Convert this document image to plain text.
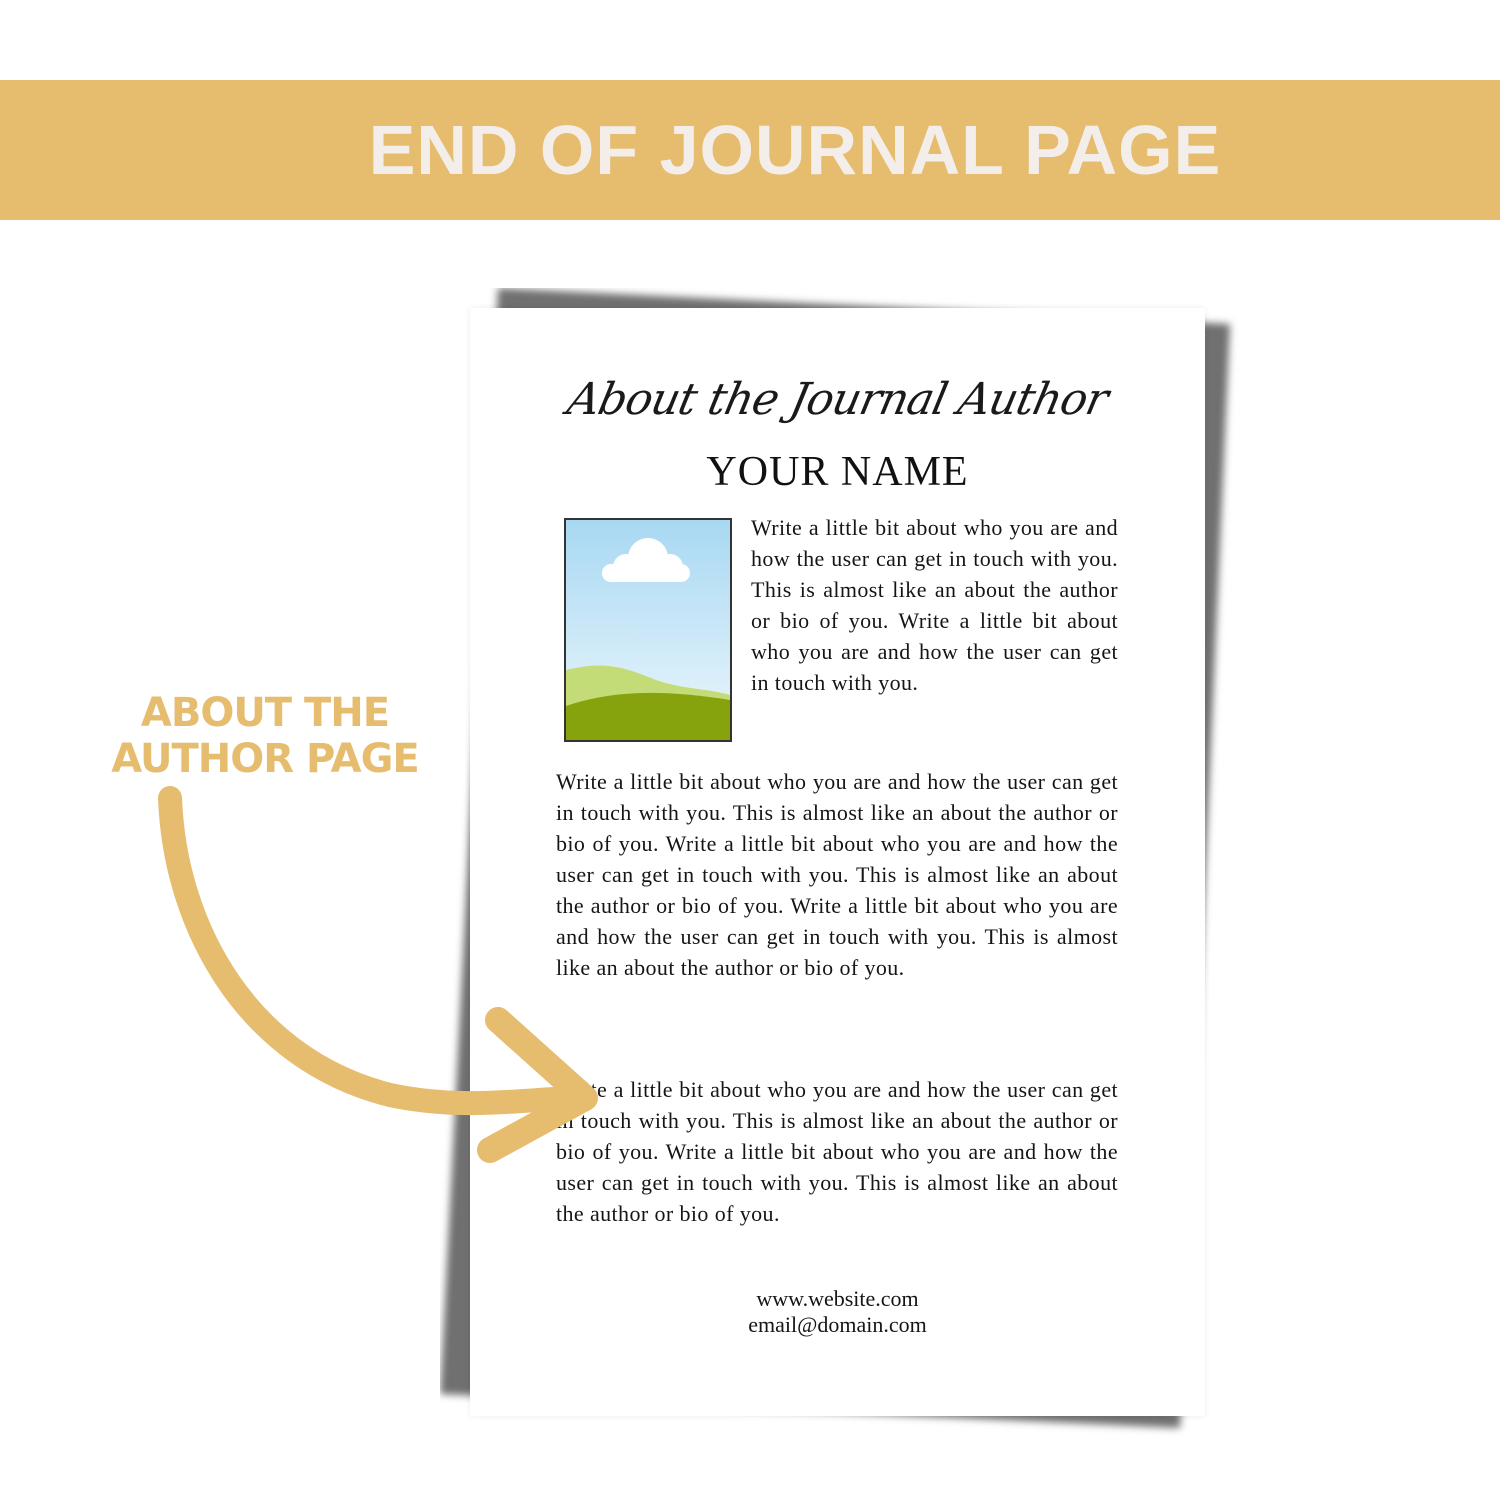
END OF JOURNAL PAGE
About the Journal Author
YOUR NAME
Write a little bit about who you are and how the user can get in touch with you. This is almost like an about the author or bio of you. Write a little bit about who you are and how the user can get in touch with you.
Write a little bit about who you are and how the user can get in touch with you. This is almost like an about the author or bio of you. Write a little bit about who you are and how the user can get in touch with you. This is almost like an about the author or bio of you. Write a little bit about who you are and how the user can get in touch with you. This is almost like an about the author or bio of you.
Write a little bit about who you are and how the user can get in touch with you. This is almost like an about the author or bio of you. Write a little bit about who you are and how the user can get in touch with you. This is almost like an about the author or bio of you.
www.website.com
email@domain.com
ABOUT THE
AUTHOR PAGE
